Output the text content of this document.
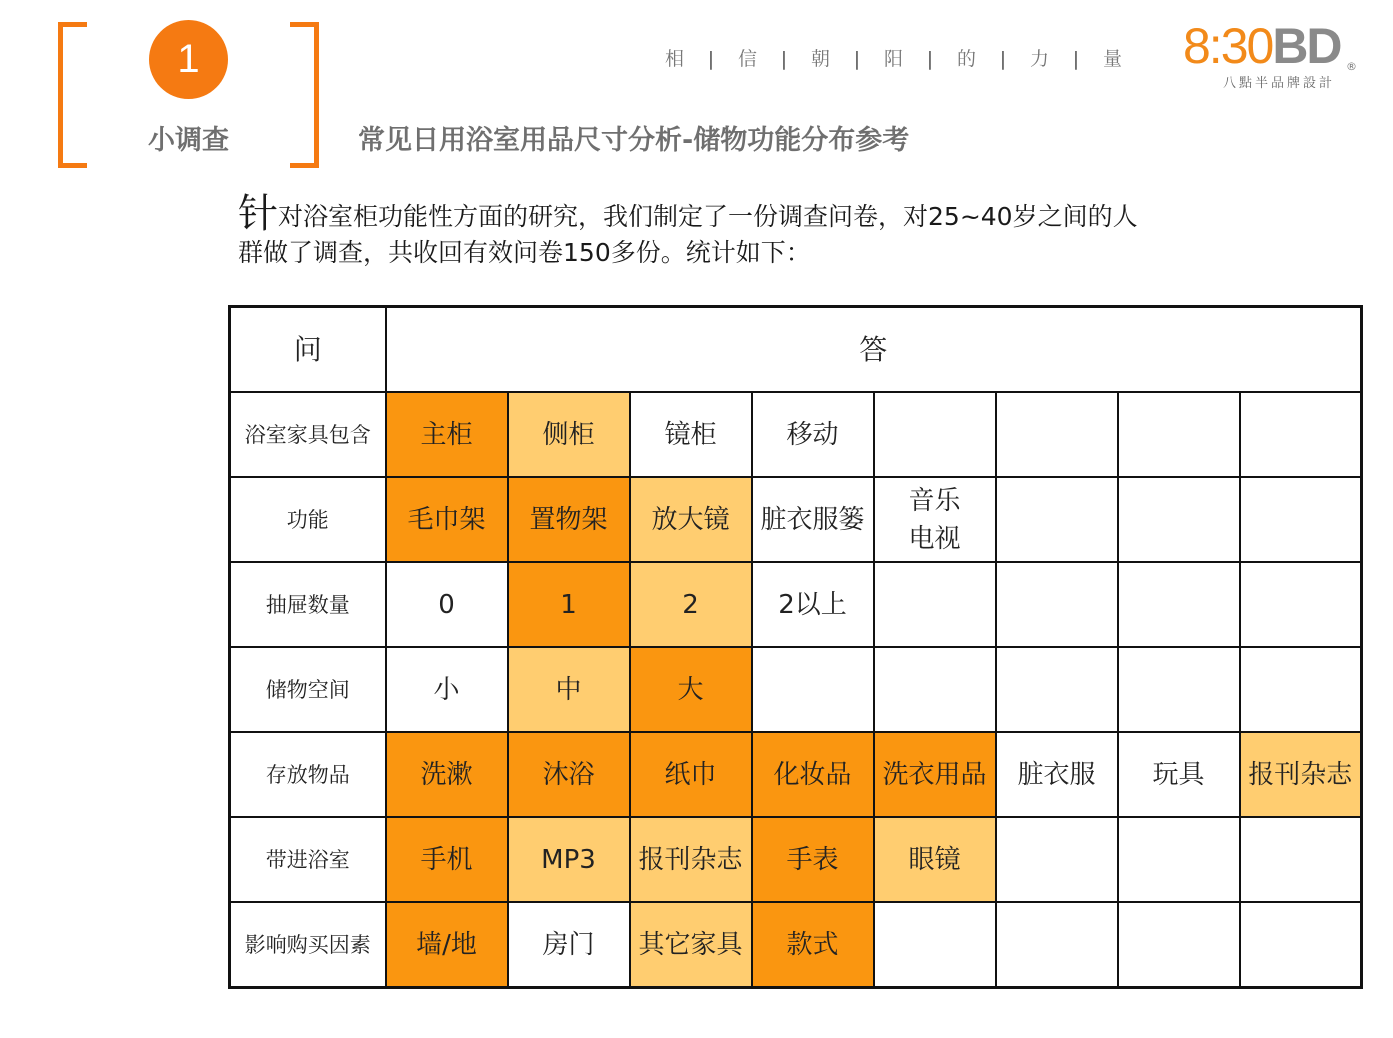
1
小调查	常见日用浴室用品尺寸分析-储物功能分布参考
相 | 信 | 朝 | 阳 | 的 | 力 | 量 8:30BD ®
八點半品牌設計
针对浴室柜功能性方面的研究，我们制定了一份调查问卷，对25~40岁之间的人
群做了调查，共收回有效问卷150多份。统计如下：
问	答							
浴室家具包含	主柜	侧柜	镜柜	移动				
功能	毛巾架	置物架	放大镜	脏衣服篓	音乐
电视			

抽屉数量	0	1	2	2以上				
储物空间	小	中	大					
存放物品	洗漱	沐浴	纸巾	化妆品	洗衣用品	脏衣服	玩具	报刊杂志
带进浴室	手机	MP3	报刊杂志	手表	眼镜			
影响购买因素	墙/地	房门	其它家具	款式				
